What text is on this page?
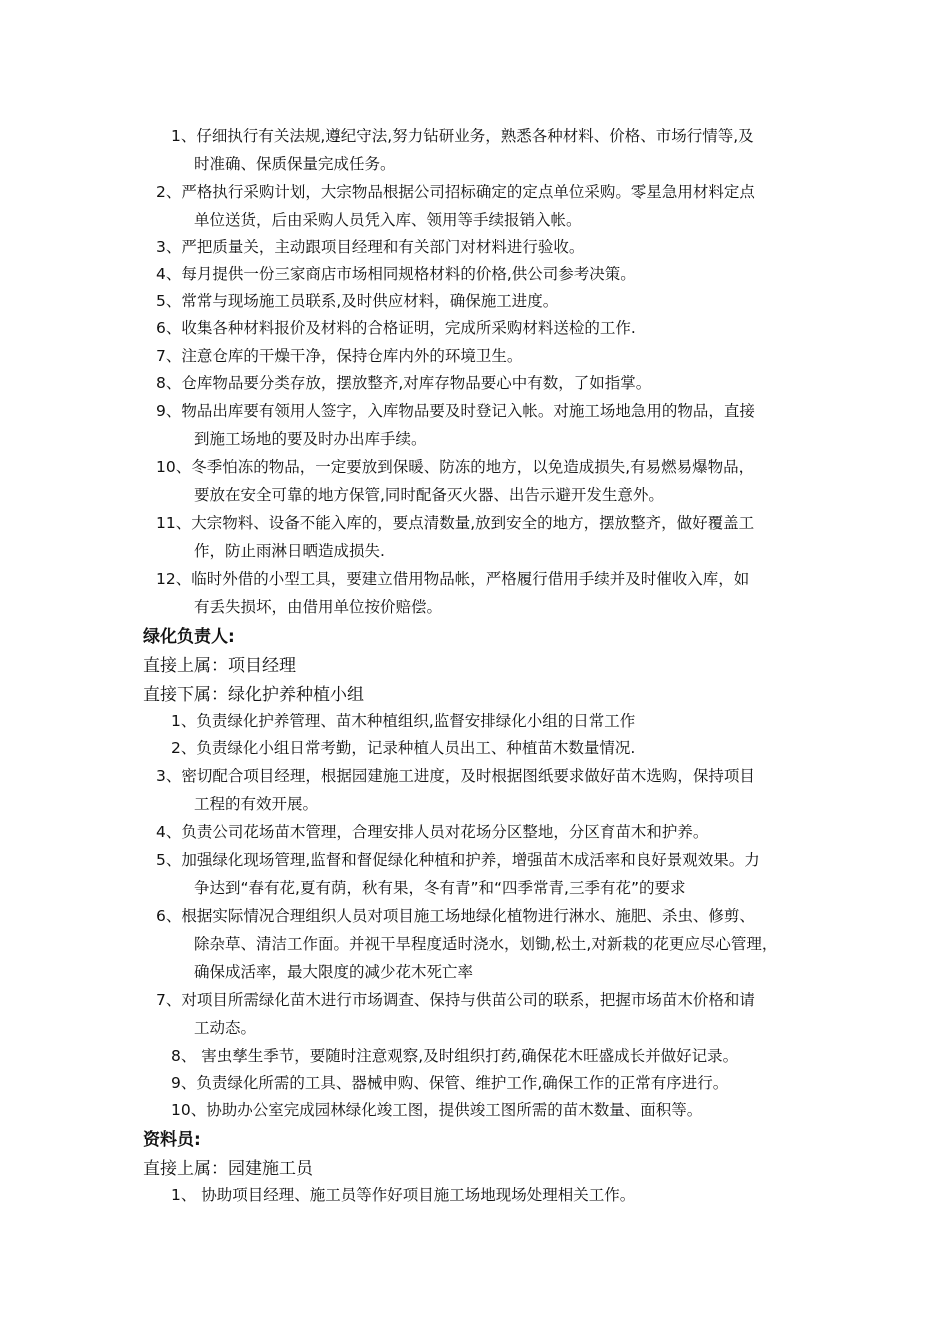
1、仔细执行有关法规,遵纪守法,努力钻研业务，熟悉各种材料、价格、市场行情等,及
时准确、保质保量完成任务。
2、严格执行采购计划，大宗物品根据公司招标确定的定点单位采购。零星急用材料定点
单位送货，后由采购人员凭入库、领用等手续报销入帐。
3、严把质量关，主动跟项目经理和有关部门对材料进行验收。
4、每月提供一份三家商店市场相同规格材料的价格,供公司参考决策。
5、常常与现场施工员联系,及时供应材料，确保施工进度。
6、收集各种材料报价及材料的合格证明，完成所采购材料送检的工作.
7、注意仓库的干燥干净，保持仓库内外的环境卫生。
8、仓库物品要分类存放，摆放整齐,对库存物品要心中有数，了如指掌。
9、物品出库要有领用人签字，入库物品要及时登记入帐。对施工场地急用的物品，直接
到施工场地的要及时办出库手续。
10、冬季怕冻的物品，一定要放到保暖、防冻的地方，以免造成损失,有易燃易爆物品，
要放在安全可靠的地方保管,同时配备灭火器、出告示避开发生意外。
11、大宗物料、设备不能入库的，要点清数量,放到安全的地方，摆放整齐，做好覆盖工
作，防止雨淋日晒造成损失.
12、临时外借的小型工具，要建立借用物品帐，严格履行借用手续并及时催收入库，如
有丢失损坏，由借用单位按价赔偿。
绿化负责人:
直接上属：项目经理
直接下属：绿化护养种植小组
1、负责绿化护养管理、苗木种植组织,监督安排绿化小组的日常工作
2、负责绿化小组日常考勤，记录种植人员出工、种植苗木数量情况.
3、密切配合项目经理，根据园建施工进度，及时根据图纸要求做好苗木选购，保持项目
工程的有效开展。
4、负责公司花场苗木管理，合理安排人员对花场分区整地，分区育苗木和护养。
5、加强绿化现场管理,监督和督促绿化种植和护养，增强苗木成活率和良好景观效果。力
争达到“春有花,夏有荫，秋有果，冬有青”和“四季常青,三季有花”的要求
6、根据实际情况合理组织人员对项目施工场地绿化植物进行淋水、施肥、杀虫、修剪、
除杂草、清洁工作面。并视干旱程度适时浇水，划锄,松土,对新栽的花更应尽心管理，
确保成活率，最大限度的减少花木死亡率
7、对项目所需绿化苗木进行市场调查、保持与供苗公司的联系，把握市场苗木价格和请
工动态。
8、 害虫孳生季节，要随时注意观察,及时组织打药,确保花木旺盛成长并做好记录。
9、负责绿化所需的工具、器械申购、保管、维护工作,确保工作的正常有序进行。
10、协助办公室完成园林绿化竣工图，提供竣工图所需的苗木数量、面积等。
资料员:
直接上属：园建施工员
1、 协助项目经理、施工员等作好项目施工场地现场处理相关工作。
